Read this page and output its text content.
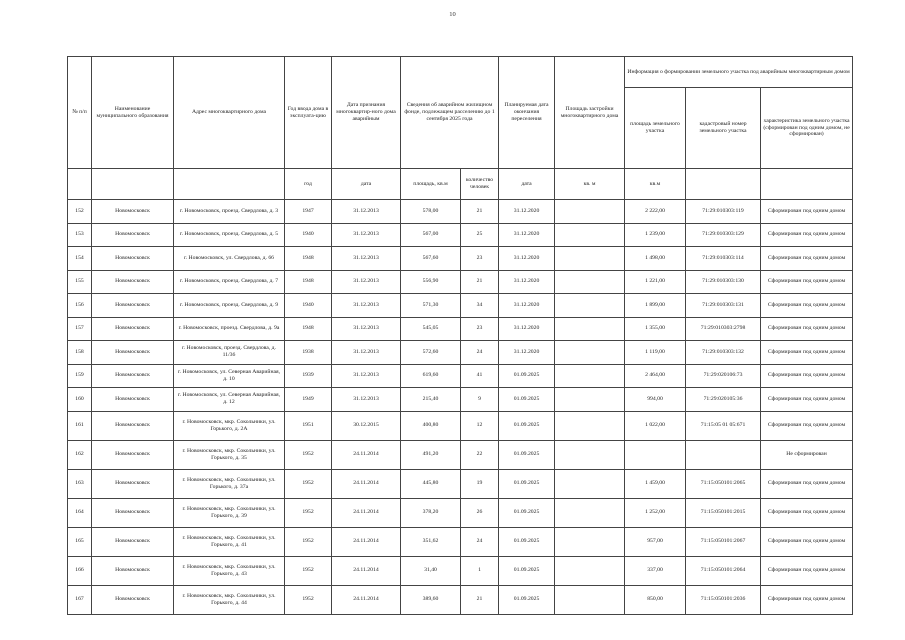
10
№ п/п	Наименование муниципального образования	Адрес многоквартирного дома	Год ввода дома в эксплуата-цию	Дата признания многоквартир-ного дома аварийным	Сведения об аварийном жилищном фонде, подлежащем расселению до 1 сентября 2025 года		Планируемая дата окончания переселения	Площадь застройки многоквартирного дома	Информация о формировании земельного участка под аварийным многоквартирным домом		
									площадь земельного участка	кадастровый номер земельного участка	характеристика земельного участка (сформирован под одним домом, не сформирован)
			год	дата	площадь, кв.м	количество человек	дата	кв. м	кв.м		
152	Новомосковск	г. Новомосковск, проезд. Свердлова, д. 3	1947	31.12.2013	578,00	21	31.12.2020		2 222,00	71:29:010303:119	Сформирован под одним домом
153	Новомосковск	г. Новомосковск, проезд. Свердлова, д. 5	1940	31.12.2013	567,00	25	31.12.2020		1 239,00	71:29:010303:129	Сформирован под одним домом
154	Новомосковск	г. Новомосковск, ул. Свердлова, д. 66	1948	31.12.2013	567,60	23	31.12.2020		1 498,00	71:29:010303:114	Сформирован под одним домом
155	Новомосковск	г. Новомосковск, проезд. Свердлова, д. 7	1948	31.12.2013	556,90	21	31.12.2020		1 221,00	71:29:010303:130	Сформирован под одним домом
156	Новомосковск	г. Новомосковск, проезд. Свердлова, д. 9	1940	31.12.2013	571,30	34	31.12.2020		1 899,00	71:29:010303:131	Сформирован под одним домом
157	Новомосковск	г. Новомосковск, проезд. Свердлова, д. 9а	1948	31.12.2013	545,05	23	31.12.2020		1 355,00	71:29:010303:2798	Сформирован под одним домом
158	Новомосковск	г. Новомосковск, проезд. Свердлова, д. 11/36	1938	31.12.2013	572,60	24	31.12.2020		1 119,00	71:29:010303:132	Сформирован под одним домом
159	Новомосковск	г. Новомосковск, ул. Северная Аварийная, д. 10	1939	31.12.2013	619,60	41	01.09.2025		2 464,00	71:29:020106:73	Сформирован под одним домом
160	Новомосковск	г. Новомосковск, ул. Северная Аварийная, д. 12	1949	31.12.2013	215,40	9	01.09.2025		994,00	71:29:020105:36	Сформирован под одним домом
161	Новомосковск	г. Новомосковск, мкр. Сокольники, ул. Горького, д. 2А	1951	30.12.2015	400,80	12	01.09.2025		1 022,00	71:15:05 01 05:671	Сформирован под одним домом
162	Новомосковск	г. Новомосковск, мкр. Сокольники, ул. Горького, д. 35	1952	24.11.2014	491,20	22	01.09.2025				Не сформирован
163	Новомосковск	г. Новомосковск, мкр. Сокольники, ул. Горького, д. 37а	1952	24.11.2014	445,80	19	01.09.2025		1 459,00	71:15:050101:2065	Сформирован под одним домом
164	Новомосковск	г. Новомосковск, мкр. Сокольники, ул. Горького, д. 39	1952	24.11.2014	378,20	26	01.09.2025		1 252,00	71:15:050101:2015	Сформирован под одним домом
165	Новомосковск	г. Новомосковск, мкр. Сокольники, ул. Горького, д. 41	1952	24.11.2014	351,62	24	01.09.2025		957,00	71:15:050101:2067	Сформирован под одним домом
166	Новомосковск	г. Новомосковск, мкр. Сокольники, ул. Горького, д. 43	1952	24.11.2014	31,40	1	01.09.2025		337,00	71:15:050101:2064	Сформирован под одним домом
167	Новомосковск	г. Новомосковск, мкр. Сокольники, ул. Горького, д. 44	1952	24.11.2014	389,60	21	01.09.2025		850,00	71:15:050101:2036	Сформирован под одним домом
